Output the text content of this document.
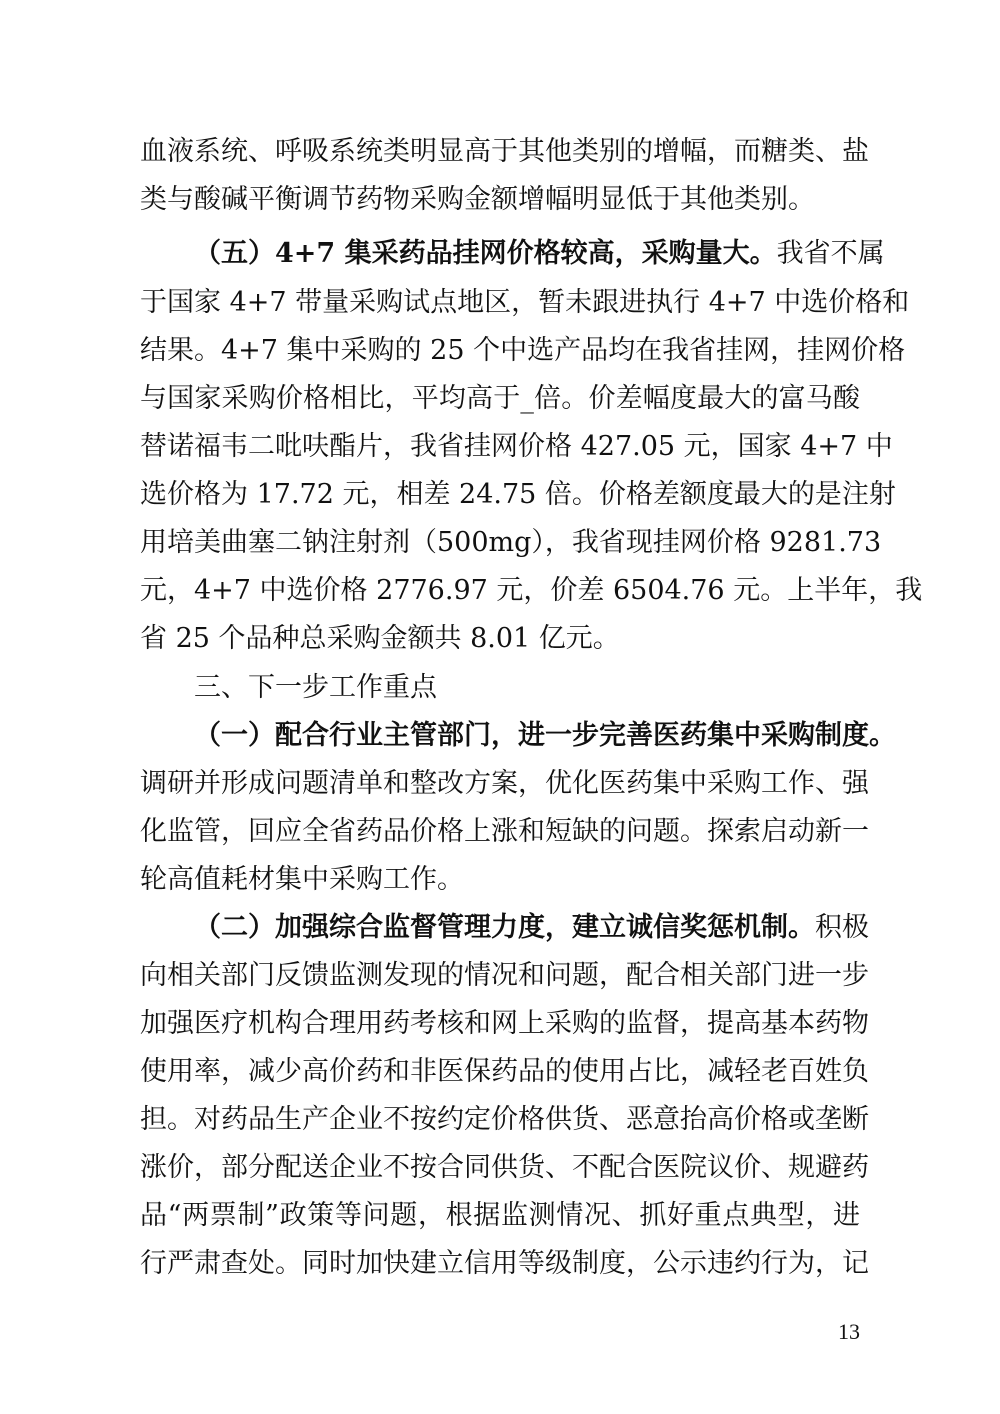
血液系统、呼吸系统类明显高于其他类别的增幅，而糖类、盐
类与酸碱平衡调节药物采购金额增幅明显低于其他类别。
（五）4+7 集采药品挂网价格较高，采购量大。我省不属
于国家 4+7 带量采购试点地区，暂未跟进执行 4+7 中选价格和
结果。4+7 集中采购的 25 个中选产品均在我省挂网，挂网价格
与国家采购价格相比，平均高于_倍。价差幅度最大的富马酸
替诺福韦二吡呋酯片，我省挂网价格 427.05 元，国家 4+7 中
选价格为 17.72 元，相差 24.75 倍。价格差额度最大的是注射
用培美曲塞二钠注射剂（500mg），我省现挂网价格 9281.73
元，4+7 中选价格 2776.97 元，价差 6504.76 元。上半年，我
省 25 个品种总采购金额共 8.01 亿元。
三、下一步工作重点
（一）配合行业主管部门，进一步完善医药集中采购制度。
调研并形成问题清单和整改方案，优化医药集中采购工作、强
化监管，回应全省药品价格上涨和短缺的问题。探索启动新一
轮高值耗材集中采购工作。
（二）加强综合监督管理力度，建立诚信奖惩机制。积极
向相关部门反馈监测发现的情况和问题，配合相关部门进一步
加强医疗机构合理用药考核和网上采购的监督，提高基本药物
使用率，减少高价药和非医保药品的使用占比，减轻老百姓负
担。对药品生产企业不按约定价格供货、恶意抬高价格或垄断
涨价，部分配送企业不按合同供货、不配合医院议价、规避药
品“两票制”政策等问题，根据监测情况、抓好重点典型，进
行严肃查处。同时加快建立信用等级制度，公示违约行为，记
13
